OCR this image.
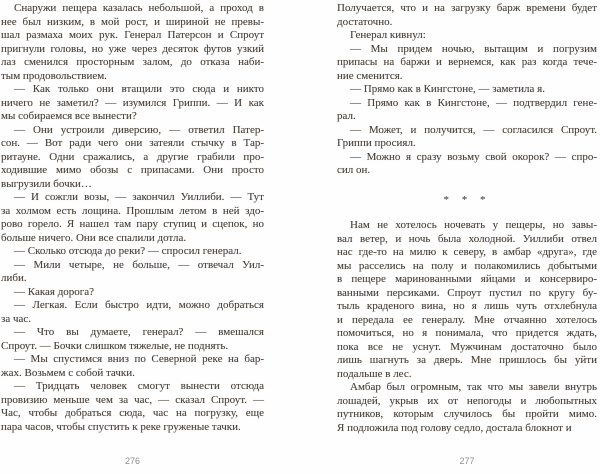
Снаружи пещера казалась небольшой, а проход в
нее был низким, в мой рост, и шириной не превы-
шал размаха моих рук. Генерал Патерсон и Спроут
пригнули головы, но уже через десяток футов узкий
лаз сменился просторным залом, до отказа наби-
тым продовольствием.
— Как только они втащили это сюда и никто
ничего не заметил? — изумился Гриппи. — И как
мы собираемся все вынести?
— Они устроили диверсию, — ответил Патер-
сон. — Вот ради чего они затеяли стычку в Тар-
ритауне. Одни сражались, а другие грабили про-
ходившие мимо обозы с припасами. Они просто
выгрузили бочки…
— И сожгли возы, — закончил Уиллиби. — Тут
за холмом есть лощина. Прошлым летом в ней здо-
рово горело. Я нашел там пару ступиц и сцепок, но
больше ничего. Они все спалили дотла.
— Сколько отсюда до реки? — спросил генерал.
— Мили четыре, не больше, — отвечал Уил-
либи.
— Какая дорога?
— Легкая. Если быстро идти, можно добраться
за час.
— Что вы думаете, генерал? — вмешался
Спроут. — Бочки слишком тяжелые, не поднять.
— Мы спустимся вниз по Северной реке на бар-
жах. Возьмем с собой тачки.
— Тридцать человек смогут вынести отсюда
провизию меньше чем за час, — сказал Спроут. —
Час, чтобы добраться сюда, час на погрузку, еще
пара часов, чтобы спустить к реке груженые тачки.
Получается, что и на загрузку барж времени будет
достаточно.
Генерал кивнул:
— Мы придем ночью, вытащим и погрузим
припасы на баржи и вернемся, как раз когда тече-
ние сменится.
— Прямо как в Кингстоне, — заметила я.
— Прямо как в Кингстоне, — подтвердил гене-
рал.
— Может, и получится, — согласился Спроут.
Гриппи просиял.
— Можно я сразу возьму свой окорок? — спро-
сил он.
* * *
Нам не хотелось ночевать у пещеры, но завы-
вал ветер, и ночь была холодной. Уиллиби отвел
нас где-то на милю к северу, в амбар «друга», где
мы расселись на полу и полакомились добытыми
в пещере маринованными яйцами и консервиро-
ванными персиками. Спроут пустил по кругу бу-
тыль краденого вина, но я лишь чуть отхлебнула
и передала ее генералу. Мне отчаянно хотелось
помочиться, но я понимала, что придется ждать,
пока все не уснут. Мужчинам достаточно было
лишь шагнуть за дверь. Мне пришлось бы уйти
подальше в лес.
Амбар был огромным, так что мы завели внутрь
лошадей, укрыв их от непогоды и любопытных
путников, которым случилось бы пройти мимо.
Я подложила под голову седло, достала блокнот и
276	277
